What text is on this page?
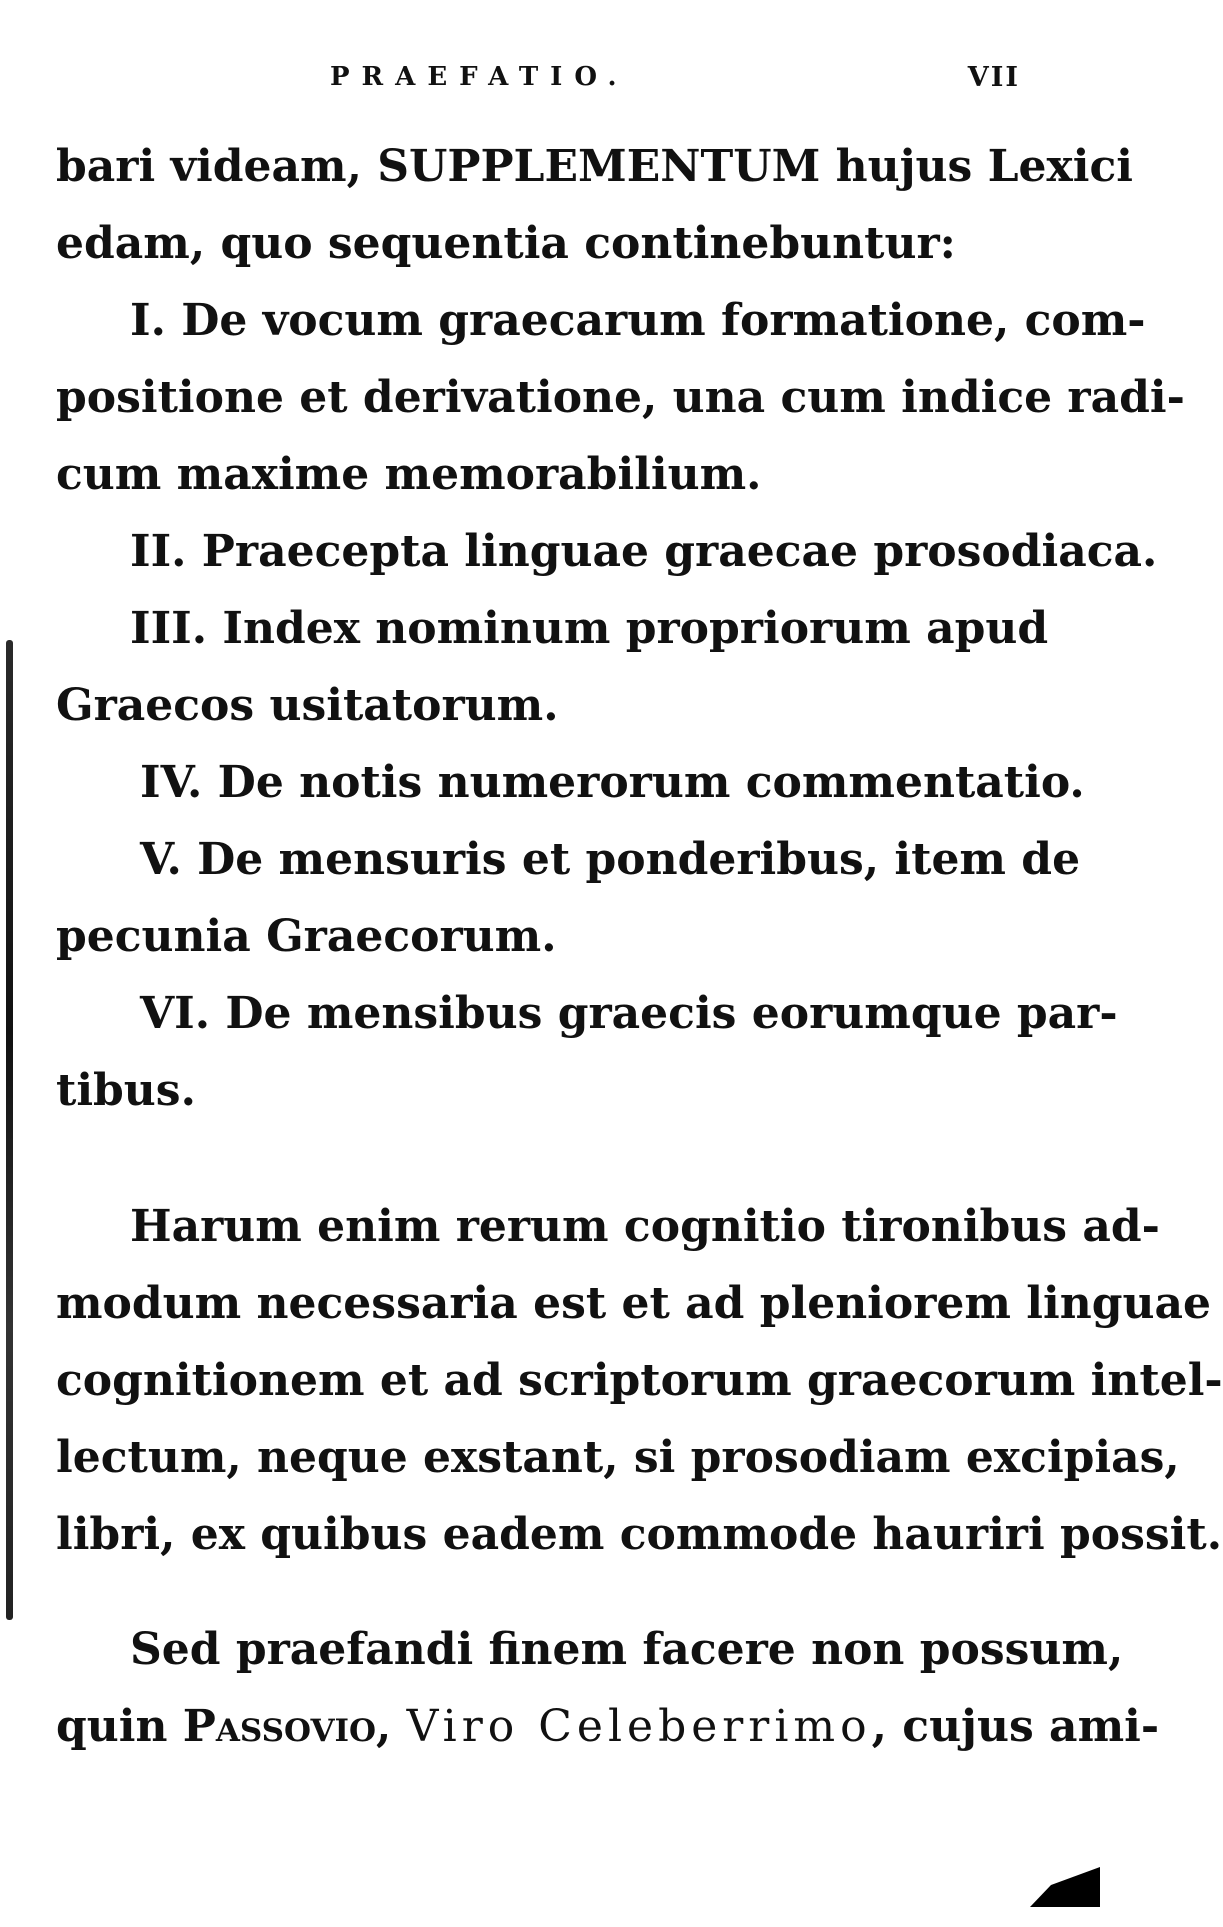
PRAEFATIO.	VII
bari videam, SUPPLEMENTUM hujus Lexici
edam, quo sequentia continebuntur:
I. De vocum graecarum formatione, com-
positione et derivatione, una cum indice radi-
cum maxime memorabilium.
II. Praecepta linguae graecae prosodiaca.
III. Index nominum propriorum apud
Graecos usitatorum.
IV. De notis numerorum commentatio.
V. De mensuris et ponderibus, item de
pecunia Graecorum.
VI. De mensibus graecis eorumque par-
tibus.
Harum enim rerum cognitio tironibus ad-
modum necessaria est et ad pleniorem linguae
cognitionem et ad scriptorum graecorum intel-
lectum, neque exstant, si prosodiam excipias,
libri, ex quibus eadem commode hauriri possit.
Sed praefandi finem facere non possum,
quin Passovio, Viro Celeberrimo, cujus ami-
